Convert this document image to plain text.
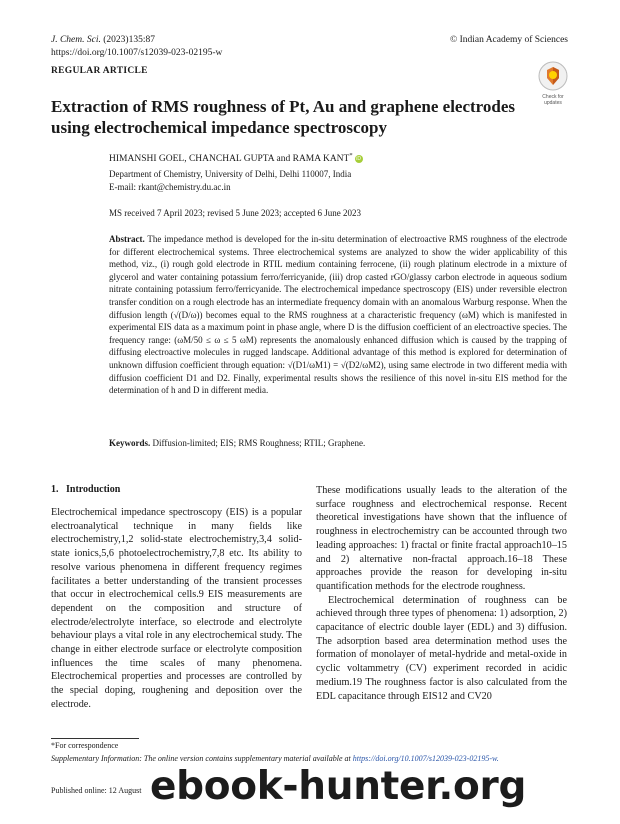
J. Chem. Sci. (2023)135:87
https://doi.org/10.1007/s12039-023-02195-w
© Indian Academy of Sciences
REGULAR ARTICLE
Check for updates
Extraction of RMS roughness of Pt, Au and graphene electrodes using electrochemical impedance spectroscopy
HIMANSHI GOEL, CHANCHAL GUPTA and RAMA KANT*iD
Department of Chemistry, University of Delhi, Delhi 110007, India
E-mail: rkant@chemistry.du.ac.in
MS received 7 April 2023; revised 5 June 2023; accepted 6 June 2023

Abstract. The impedance method is developed for the in-situ determination of electroactive RMS roughness of the electrode for different electrochemical systems. Three electrochemical systems are analyzed to show the wider applicability of this method, viz., (i) rough gold electrode in RTIL medium containing ferrocene, (ii) rough platinum electrode in a mixture of glycerol and water containing potassium ferro/ferricyanide, (iii) drop casted rGO/glassy carbon electrode in aqueous sodium nitrate containing potassium ferro/ferricyanide. The electrochemical impedance spectroscopy (EIS) under reversible electron transfer condition on a rough electrode has an intermediate frequency domain with an anomalous Warburg response. When the diffusion length (√(D/ω)) becomes equal to the RMS roughness at a characteristic frequency (ωM) which is manifested in experimental EIS data as a maximum point in phase angle, where D is the diffusion coefficient of an electroactive species. The frequency range: (ωM/50 ≤ ω ≤ 5 ωM) represents the anomalously enhanced diffusion which is caused by the trapping of diffusing electroactive molecules in rugged landscape. Additional advantage of this method is explored for determination of unknown diffusion coefficient through equation: √(D1/ωM1) = √(D2/ωM2), using same electrode in two different media with diffusion coefficient D1 and D2. Finally, experimental results shows the resilience of this novel in-situ EIS method for the determination of h and D in different media.

Keywords. Diffusion-limited; EIS; RMS Roughness; RTIL; Graphene.
1. Introduction

Electrochemical impedance spectroscopy (EIS) is a popular electroanalytical technique in many fields like electrochemistry,1,2 solid-state electrochemistry,3,4 solid-state ionics,5,6 photoelectrochemistry,7,8 etc. Its ability to resolve various phenomena in different frequency regimes facilitates a better understanding of the transient processes that occur in electrochemical cells.9 EIS measurements are dependent on the composition and structure of electrode/electrolyte interface, so electrode and electrolyte behaviour plays a vital role in any electrochemical study. The change in either electrode surface or electrolyte composition influences the time scales of many phenomena. Electrochemical properties and processes are controlled by the special doping, roughening and deposition over the electrode.

These modifications usually leads to the alteration of the surface roughness and electrochemical response. Recent theoretical investigations have shown that the influence of roughness in electrochemistry can be accounted through two leading approaches: 1) fractal or finite fractal approach10–15 and 2) alternative non-fractal approach.16–18 These approaches provide the reason for developing in-situ quantification methods for the electrode roughness.

Electrochemical determination of roughness can be achieved through three types of phenomena: 1) adsorption, 2) capacitance of electric double layer (EDL) and 3) diffusion. The adsorption based area determination method uses the formation of monolayer of metal-hydride and metal-oxide in cyclic voltammetry (CV) experiment recorded in acidic medium.19 The roughness factor is also calculated from the EDL capacitance through EIS12 and CV20

*For correspondence
Supplementary Information: The online version contains supplementary material available at https://doi.org/10.1007/s12039-023-02195-w.
Published online: 12 August ebook-hunter.org
